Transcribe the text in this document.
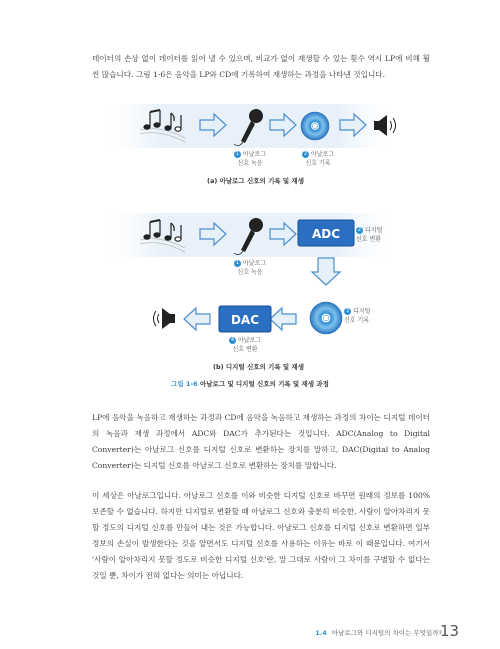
데이터의 손상 없이 데이터를 읽어 낼 수 있으며, 비교가 없이 재생할 수 있는 횟수 역시 LP에 비해 훨씬 많습니다. 그림 1-6은 음악을 LP와 CD에 기록하여 재생하는 과정을 나타낸 것입니다.

ADC
DAC
1 아날로그
신호 녹음
2 아날로그
신호 기록
(a) 아날로그 신호의 기록 및 재생
1 아날로그
신호 녹음
2 디지털
신호 변환
3 디지털
신호 기록
4 아날로그
신호 변환
(b) 디지털 신호의 기록 및 재생
그림 1-6 아날로그 및 디지털 신호의 기록 및 재생 과정

LP에 음악을 녹음하고 재생하는 과정과 CD에 음악을 녹음하고 재생하는 과정의 차이는 디지털 데이터의 녹음과 재생 과정에서 ADC와 DAC가 추가된다는 것입니다. ADC(Analog to Digital Converter)는 아날로그 신호를 디지털 신호로 변환하는 장치를 말하고, DAC(Digital to Analog Converter)는 디지털 신호를 아날로그 신호로 변환하는 장치를 말합니다.

이 세상은 아날로그입니다. 아날로그 신호를 이와 비슷한 디지털 신호로 바꾸면 원래의 정보를 100% 보존할 수 없습니다. 하지만 디지털로 변환할 때 아날로그 신호와 충분히 비슷한, 사람이 알아차리지 못할 정도의 디지털 신호를 만들어 내는 것은 가능합니다. 아날로그 신호를 디지털 신호로 변환하면 일부 정보의 손실이 발생한다는 것을 알면서도 디지털 신호를 사용하는 이유는 바로 이 때문입니다. 여기서 '사람이 알아차리지 못할 정도로 비슷한 디지털 신호'란, 말 그대로 사람이 그 차이를 구별할 수 없다는 것일 뿐, 차이가 전혀 없다는 의미는 아닙니다.

1.4 아날로그와 디지털의 차이는 무엇일까?
13
